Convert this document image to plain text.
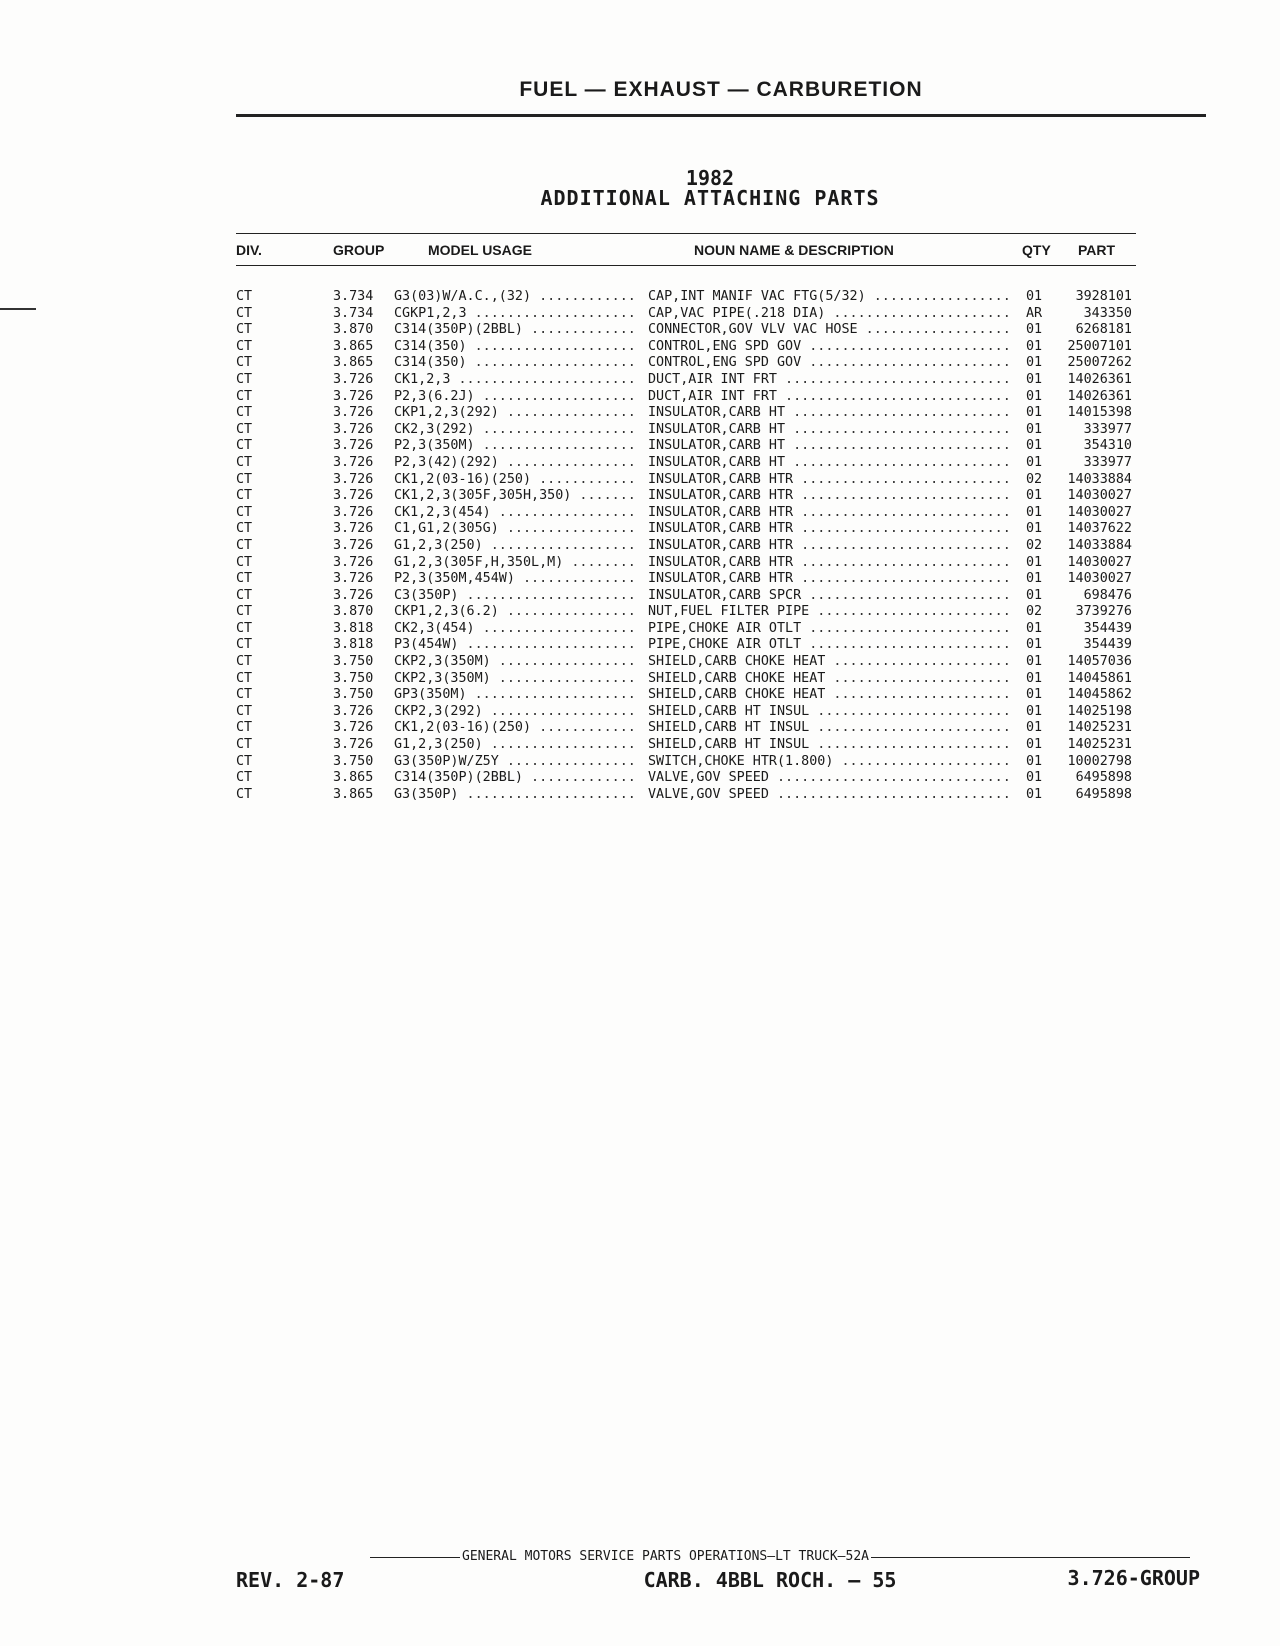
FUEL — EXHAUST — CARBURETION
1982
ADDITIONAL ATTACHING PARTS
DIV.	GROUP	MODEL USAGE	NOUN NAME & DESCRIPTION	QTY PART
CT	3.734 G3(03)W/A.C.,(32) .....	CAP,INT MANIF VAC FTG(5/32) .....	01	3928101
CT	3.734 CGKP1,2,3 .....	CAP,VAC PIPE(.218 DIA) .....	AR	343350
CT	3.870 C314(350P)(2BBL) .....	CONNECTOR,GOV VLV VAC HOSE .....	01	6268181
CT	3.865 C314(350) .....	CONTROL,ENG SPD GOV .....	01 25007101
CT	3.865 C314(350) .....	CONTROL,ENG SPD GOV .....	01 25007262
CT	3.726 CK1,2,3 .....	DUCT,AIR INT FRT .....	01 14026361
CT	3.726 P2,3(6.2J) .....	DUCT,AIR INT FRT .....	01 14026361
CT	3.726 CKP1,2,3(292) .....	INSULATOR,CARB HT .....	01 14015398
CT	3.726 CK2,3(292) .....	INSULATOR,CARB HT .....	01	333977
CT	3.726 P2,3(350M) .....	INSULATOR,CARB HT .....	01	354310
CT	3.726 P2,3(42)(292) .....	INSULATOR,CARB HT .....	01	333977
CT	3.726 CK1,2(03-16)(250) .....	INSULATOR,CARB HTR .....	02 14033884
CT	3.726 CK1,2,3(305F,305H,350) .....	INSULATOR,CARB HTR .....	01 14030027
CT	3.726 CK1,2,3(454) .....	INSULATOR,CARB HTR .....	01 14030027
CT	3.726 C1,G1,2(305G) .....	INSULATOR,CARB HTR .....	01 14037622
CT	3.726 G1,2,3(250) .....	INSULATOR,CARB HTR .....	02 14033884
CT	3.726 G1,2,3(305F,H,350L,M) .....	INSULATOR,CARB HTR .....	01 14030027
CT	3.726 P2,3(350M,454W) .....	INSULATOR,CARB HTR .....	01 14030027
CT	3.726 C3(350P) .....	INSULATOR,CARB SPCR .....	01	698476
CT	3.870 CKP1,2,3(6.2) .....	NUT,FUEL FILTER PIPE .....	02	3739276
CT	3.818 CK2,3(454) .....	PIPE,CHOKE AIR OTLT .....	01	354439
CT	3.818 P3(454W) .....	PIPE,CHOKE AIR OTLT .....	01	354439
CT	3.750 CKP2,3(350M) .....	SHIELD,CARB CHOKE HEAT .....	01 14057036
CT	3.750 CKP2,3(350M) .....	SHIELD,CARB CHOKE HEAT .....	01 14045861
CT	3.750 GP3(350M) .....	SHIELD,CARB CHOKE HEAT .....	01 14045862
CT	3.726 CKP2,3(292) .....	SHIELD,CARB HT INSUL .....	01 14025198
CT	3.726 CK1,2(03-16)(250) .....	SHIELD,CARB HT INSUL .....	01 14025231
CT	3.726 G1,2,3(250) .....	SHIELD,CARB HT INSUL .....	01 14025231
CT	3.750 G3(350P)W/Z5Y .....	SWITCH,CHOKE HTR(1.800) .....	01 10002798
CT	3.865 C314(350P)(2BBL) .....	VALVE,GOV SPEED .....	01	6495898
CT	3.865 G3(350P) .....	VALVE,GOV SPEED .....	01	6495898
GENERAL MOTORS SERVICE PARTS OPERATIONS—LT TRUCK—52A
REV. 2-87	CARB. 4BBL ROCH. — 55	3.726-GROUP
